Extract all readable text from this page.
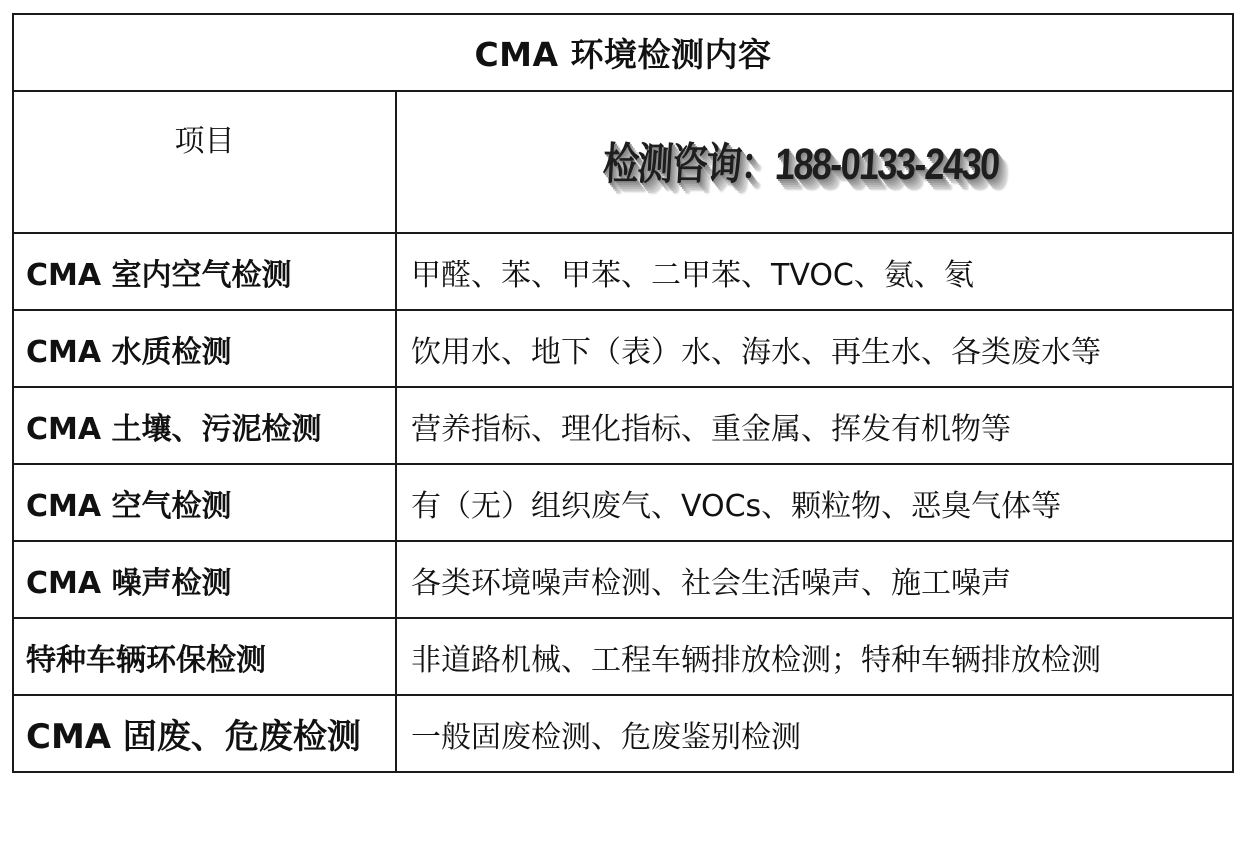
CMA 环境检测内容	
项目	检测咨询：188-0133-2430

CMA 室内空气检测	甲醛、苯、甲苯、二甲苯、TVOC、氨、氡
CMA 水质检测	饮用水、地下（表）水、海水、再生水、各类废水等
CMA 土壤、污泥检测	营养指标、理化指标、重金属、挥发有机物等
CMA 空气检测	有（无）组织废气、VOCs、颗粒物、恶臭气体等
CMA 噪声检测	各类环境噪声检测、社会生活噪声、施工噪声
特种车辆环保检测	非道路机械、工程车辆排放检测；特种车辆排放检测
CMA 固废、危废检测	一般固废检测、危废鉴别检测
